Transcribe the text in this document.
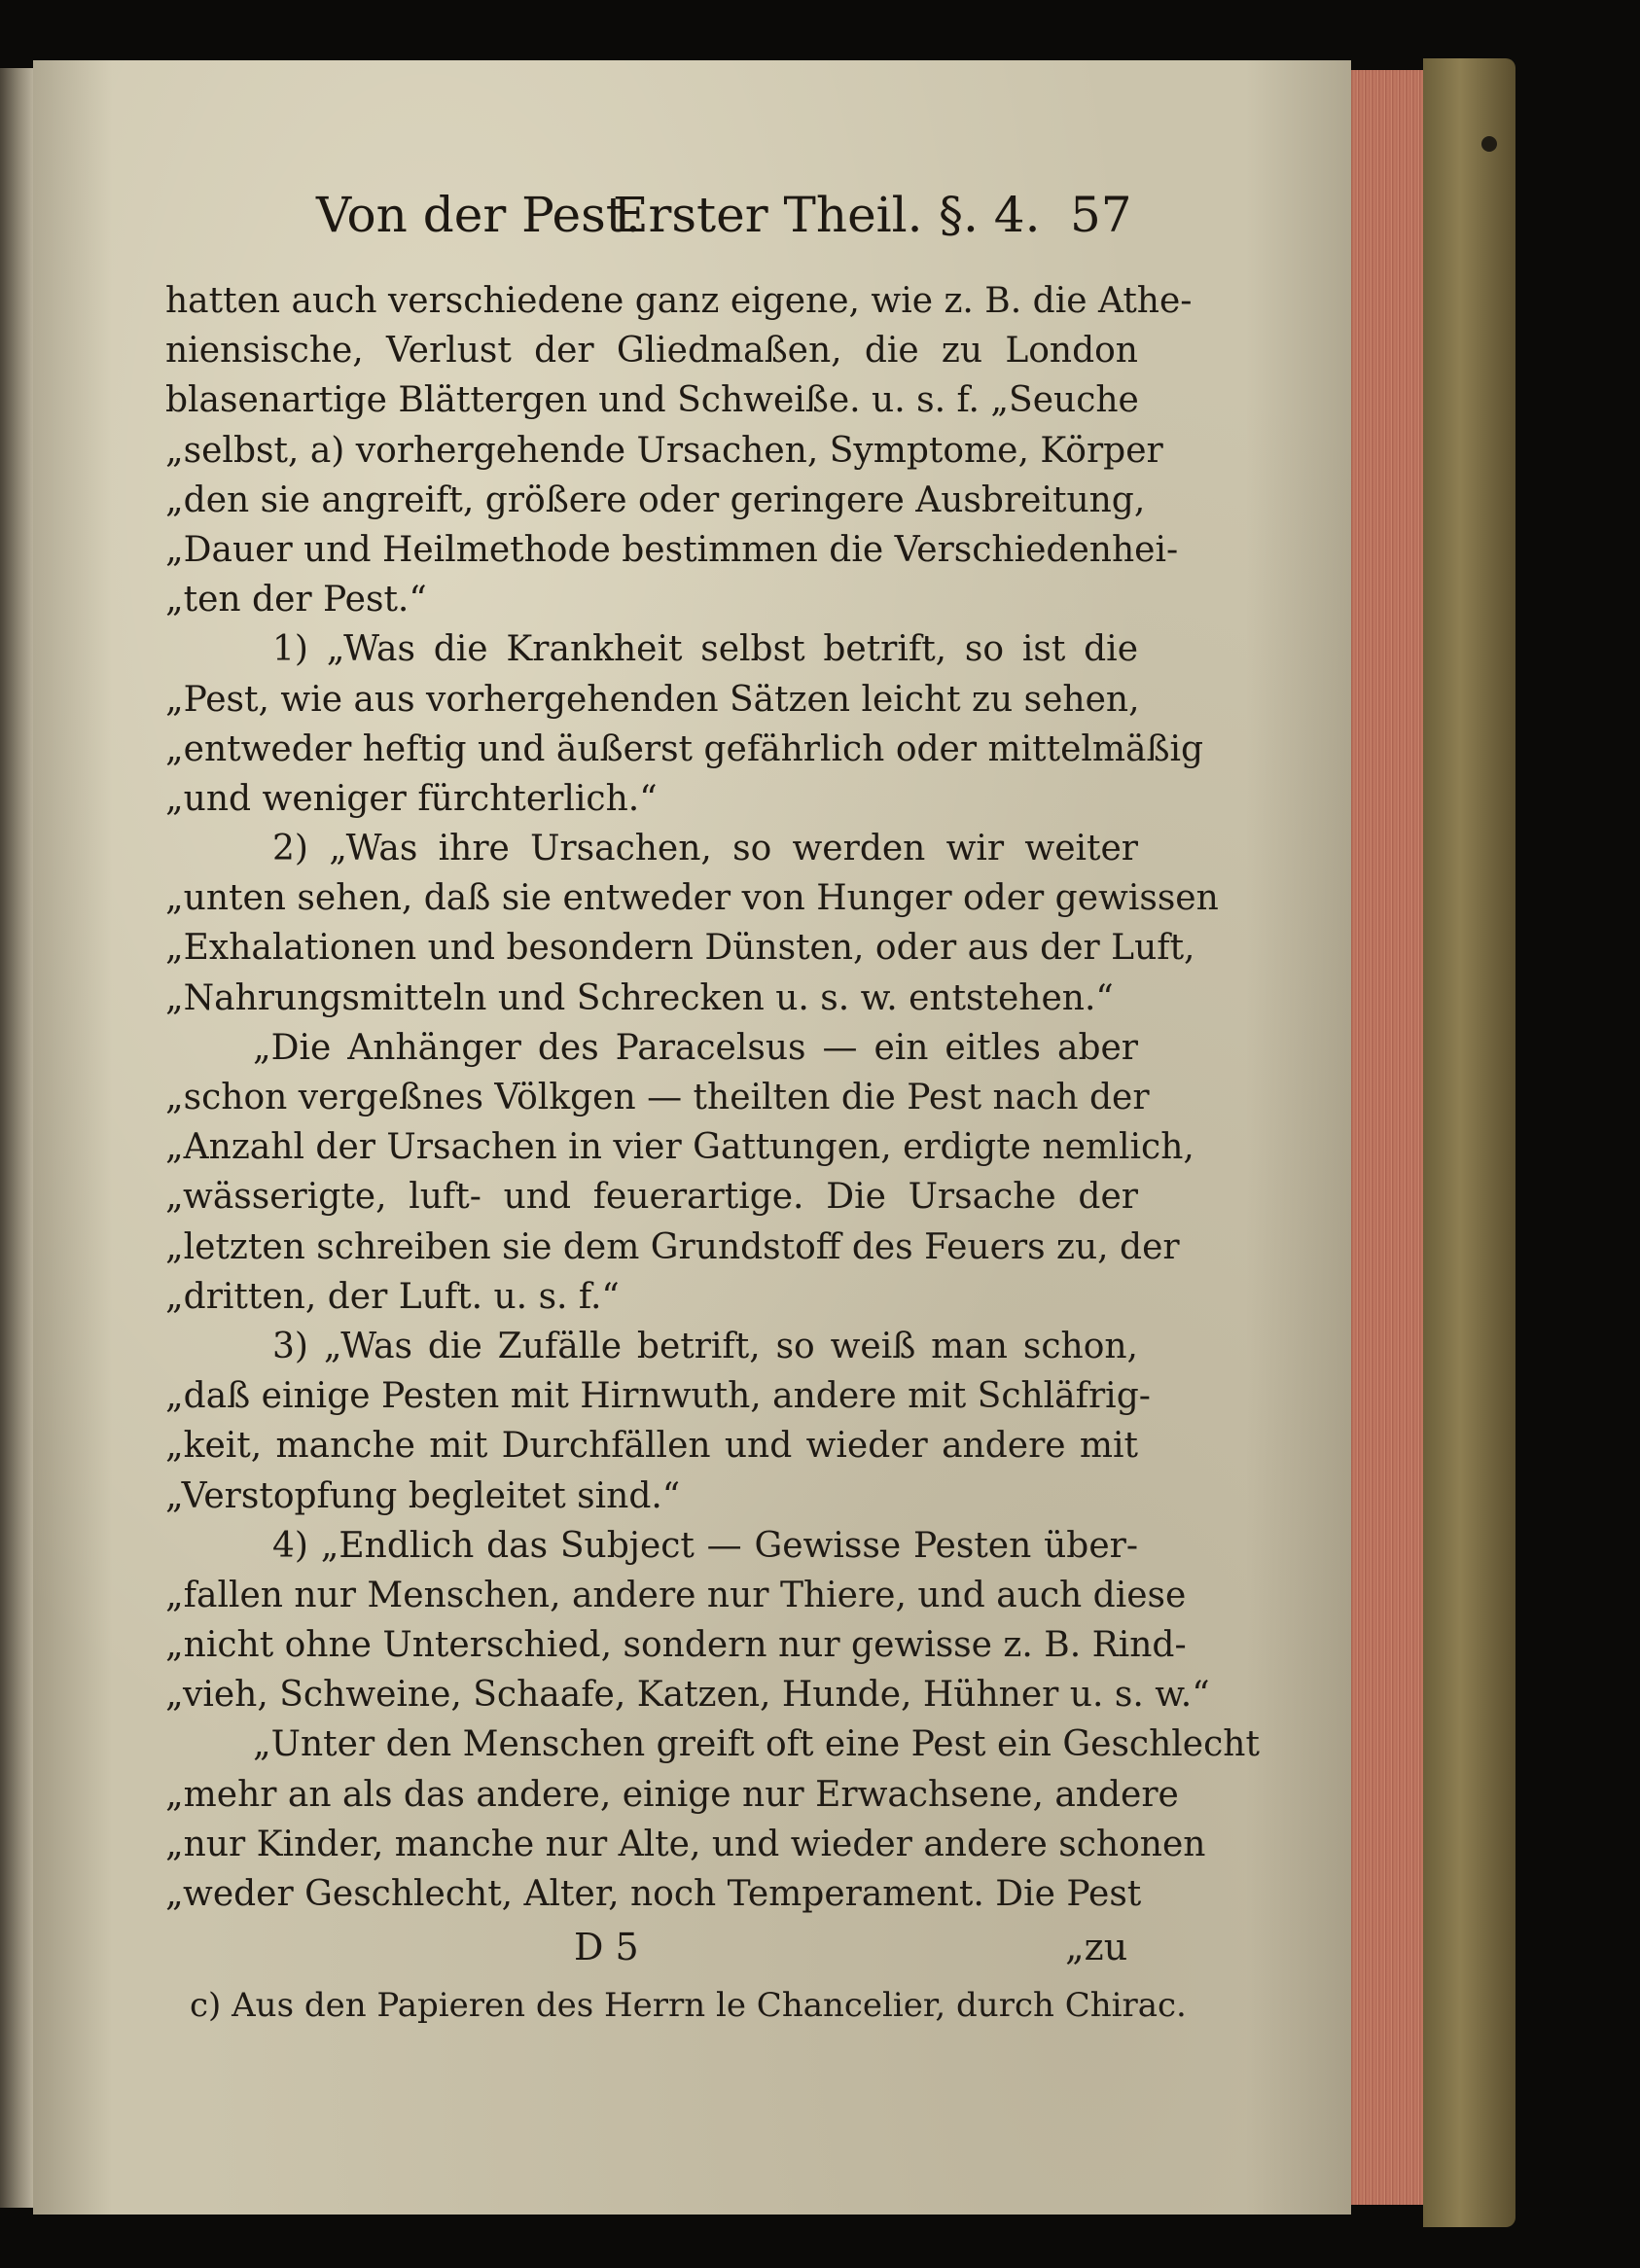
Von der Pest.
Erster Theil. §. 4. 57
hatten auch verschiedene ganz eigene, wie z. B. die Athe-
niensische, Verlust der Gliedmaßen, die zu London
blasenartige Blättergen und Schweiße. u. s. f. „Seuche
„selbst, a) vorhergehende Ursachen, Symptome, Körper
„den sie angreift, größere oder geringere Ausbreitung,
„Dauer und Heilmethode bestimmen die Verschiedenhei-
„ten der Pest.“
1) „Was die Krankheit selbst betrift, so ist die
„Pest, wie aus vorhergehenden Sätzen leicht zu sehen,
„entweder heftig und äußerst gefährlich oder mittelmäßig
„und weniger fürchterlich.“
2) „Was ihre Ursachen, so werden wir weiter
„unten sehen, daß sie entweder von Hunger oder gewissen
„Exhalationen und besondern Dünsten, oder aus der Luft,
„Nahrungsmitteln und Schrecken u. s. w. entstehen.“
„Die Anhänger des Paracelsus — ein eitles aber
„schon vergeßnes Völkgen — theilten die Pest nach der
„Anzahl der Ursachen in vier Gattungen, erdigte nemlich,
„wässerigte, luft- und feuerartige. Die Ursache der
„letzten schreiben sie dem Grundstoff des Feuers zu, der
„dritten, der Luft. u. s. f.“
3) „Was die Zufälle betrift, so weiß man schon,
„daß einige Pesten mit Hirnwuth, andere mit Schläfrig-
„keit, manche mit Durchfällen und wieder andere mit
„Verstopfung begleitet sind.“
4) „Endlich das Subject — Gewisse Pesten über-
„fallen nur Menschen, andere nur Thiere, und auch diese
„nicht ohne Unterschied, sondern nur gewisse z. B. Rind-
„vieh, Schweine, Schaafe, Katzen, Hunde, Hühner u. s. w.“
„Unter den Menschen greift oft eine Pest ein Geschlecht
„mehr an als das andere, einige nur Erwachsene, andere
„nur Kinder, manche nur Alte, und wieder andere schonen
„weder Geschlecht, Alter, noch Temperament. Die Pest
D 5	„zu
c) Aus den Papieren des Herrn le Chancelier, durch Chirac.
